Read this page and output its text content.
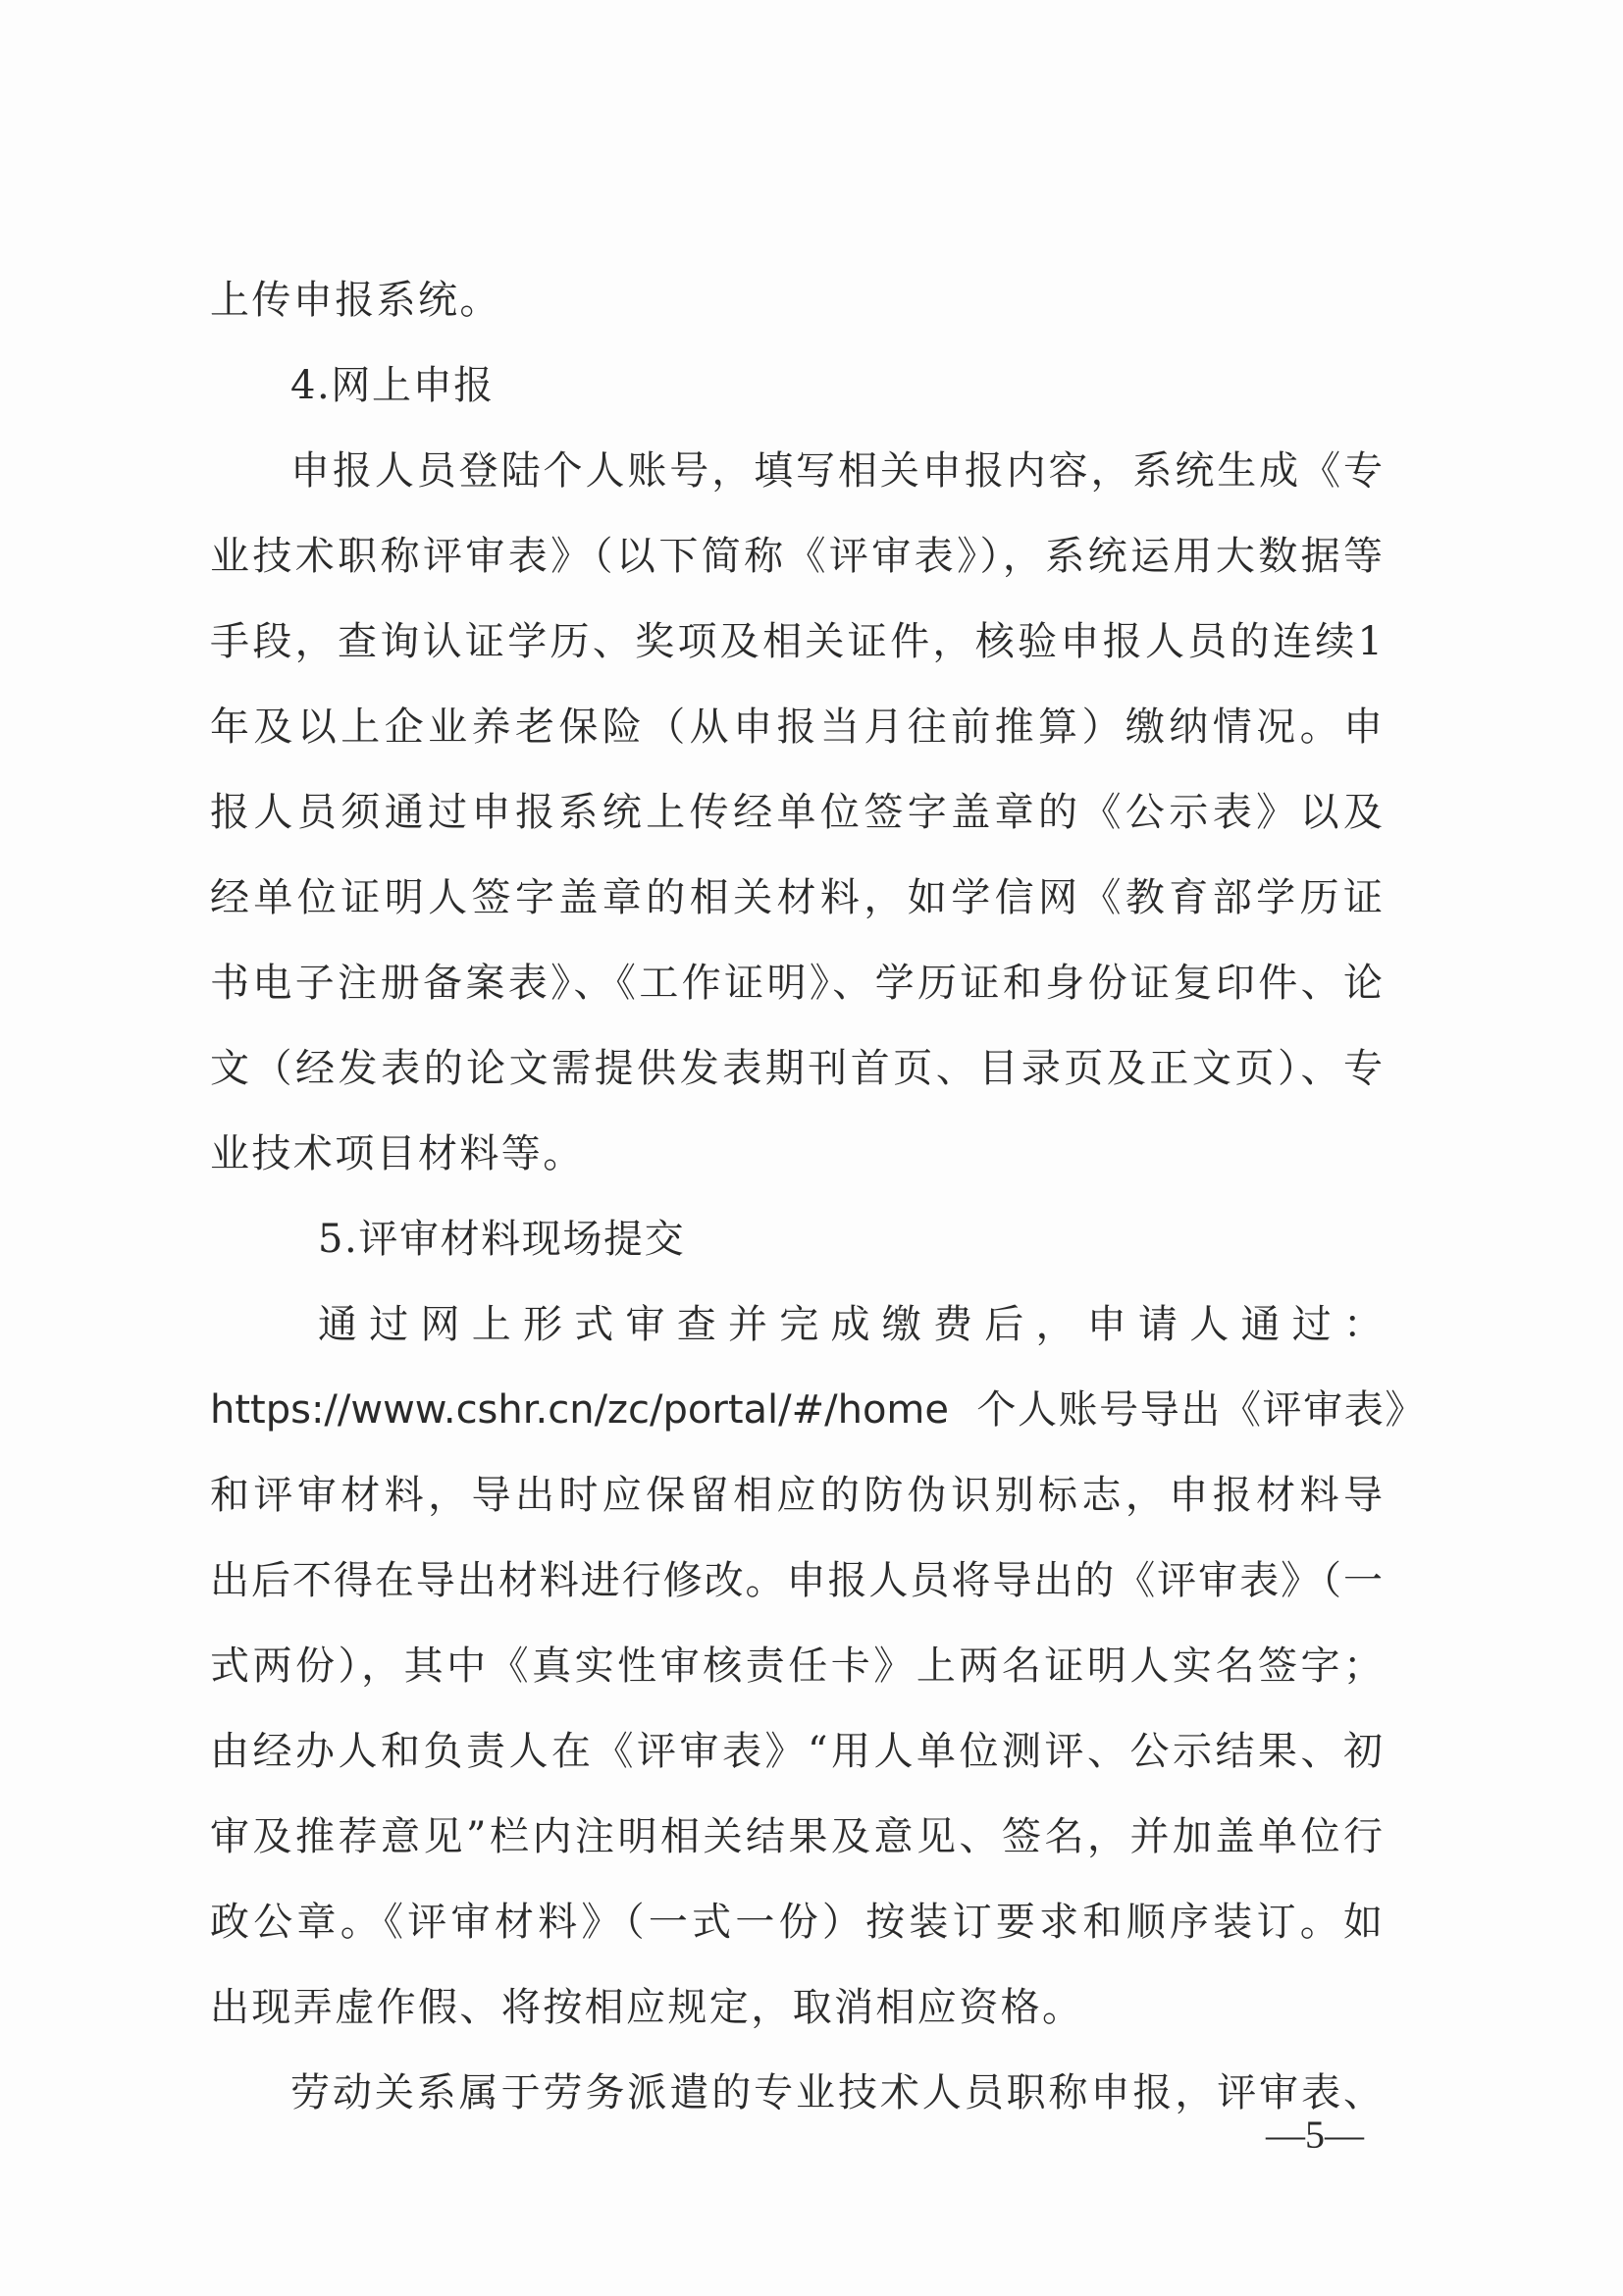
上传申报系统。
4.网上申报
申报人员登陆个人账号，填写相关申报内容，系统生成《专
业技术职称评审表》（以下简称《评审表》），系统运用大数据等
手段，查询认证学历、奖项及相关证件，核验申报人员的连续1
年及以上企业养老保险（从申报当月往前推算）缴纳情况。申
报人员须通过申报系统上传经单位签字盖章的《公示表》以及
经单位证明人签字盖章的相关材料，如学信网《教育部学历证
书电子注册备案表》、《工作证明》、学历证和身份证复印件、论
文（经发表的论文需提供发表期刊首页、目录页及正文页）、专
业技术项目材料等。
5.评审材料现场提交
通过网上形式审查并完成缴费后，申请人通过：
https://www.cshr.cn/zc/portal/#/home 个人账号导出《评审表》
和评审材料，导出时应保留相应的防伪识别标志，申报材料导
出后不得在导出材料进行修改。申报人员将导出的《评审表》（一
式两份），其中《真实性审核责任卡》上两名证明人实名签字；
由经办人和负责人在《评审表》“用人单位测评、公示结果、初
审及推荐意见”栏内注明相关结果及意见、签名，并加盖单位行
政公章。《评审材料》（一式一份）按装订要求和顺序装订。如
出现弄虚作假、将按相应规定，取消相应资格。
劳动关系属于劳务派遣的专业技术人员职称申报，评审表、
—5—
